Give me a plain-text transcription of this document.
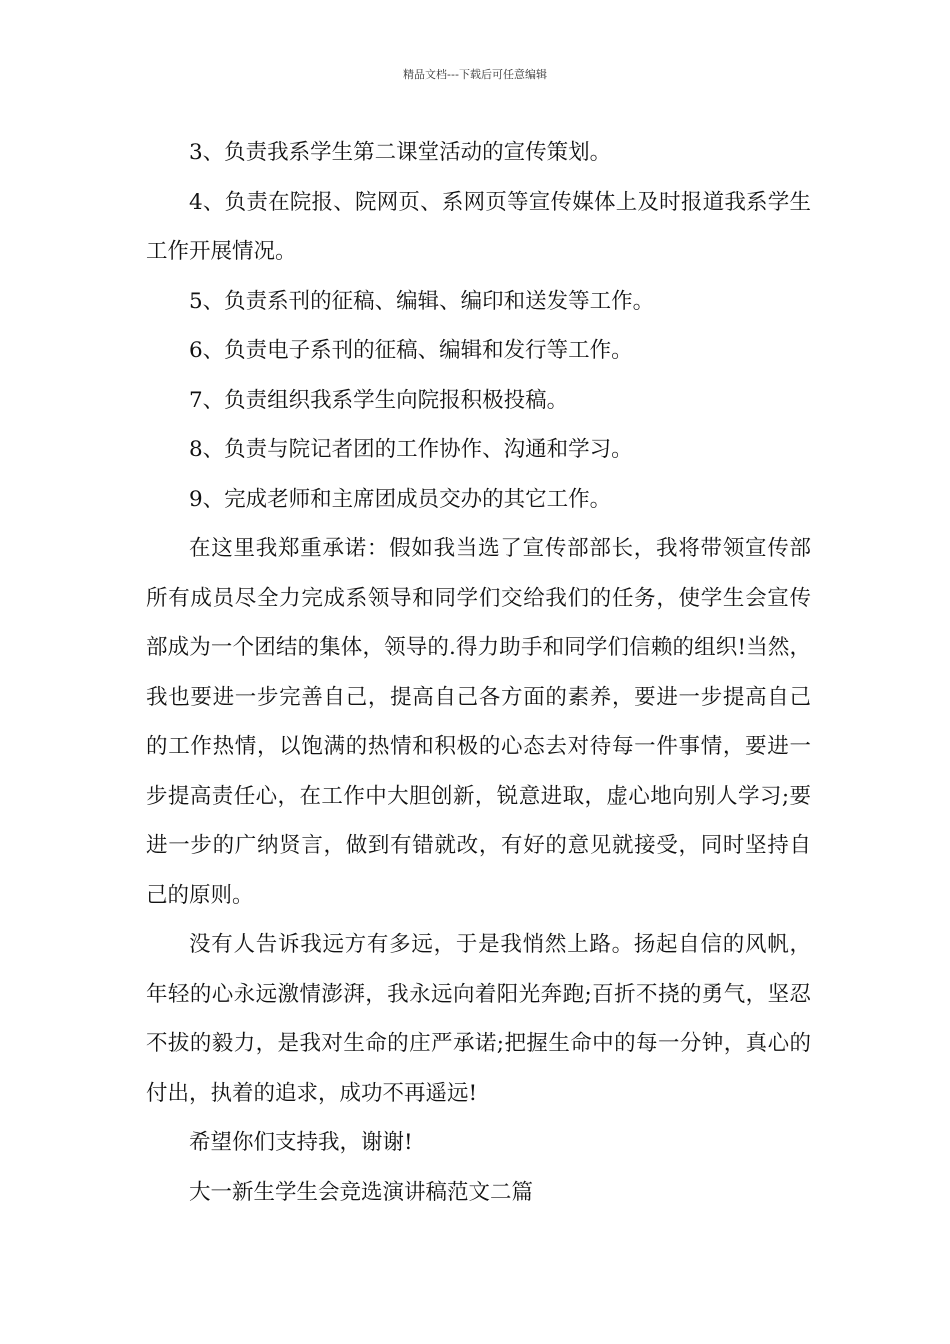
精品文档---下载后可任意编辑

3、负责我系学生第二课堂活动的宣传策划。

4、负责在院报、院网页、系网页等宣传媒体上及时报道我系学生工作开展情况。

5、负责系刊的征稿、编辑、编印和送发等工作。

6、负责电子系刊的征稿、编辑和发行等工作。

7、负责组织我系学生向院报积极投稿。

8、负责与院记者团的工作协作、沟通和学习。

9、完成老师和主席团成员交办的其它工作。

在这里我郑重承诺：假如我当选了宣传部部长，我将带领宣传部所有成员尽全力完成系领导和同学们交给我们的任务，使学生会宣传部成为一个团结的集体，领导的.得力助手和同学们信赖的组织!当然，我也要进一步完善自己，提高自己各方面的素养，要进一步提高自己的工作热情，以饱满的热情和积极的心态去对待每一件事情，要进一步提高责任心，在工作中大胆创新，锐意进取，虚心地向别人学习;要进一步的广纳贤言，做到有错就改，有好的意见就接受，同时坚持自己的原则。

没有人告诉我远方有多远，于是我悄然上路。扬起自信的风帆，年轻的心永远激情澎湃，我永远向着阳光奔跑;百折不挠的勇气，坚忍不拔的毅力，是我对生命的庄严承诺;把握生命中的每一分钟，真心的付出，执着的追求，成功不再遥远!

希望你们支持我，谢谢!

大一新生学生会竞选演讲稿范文二篇
